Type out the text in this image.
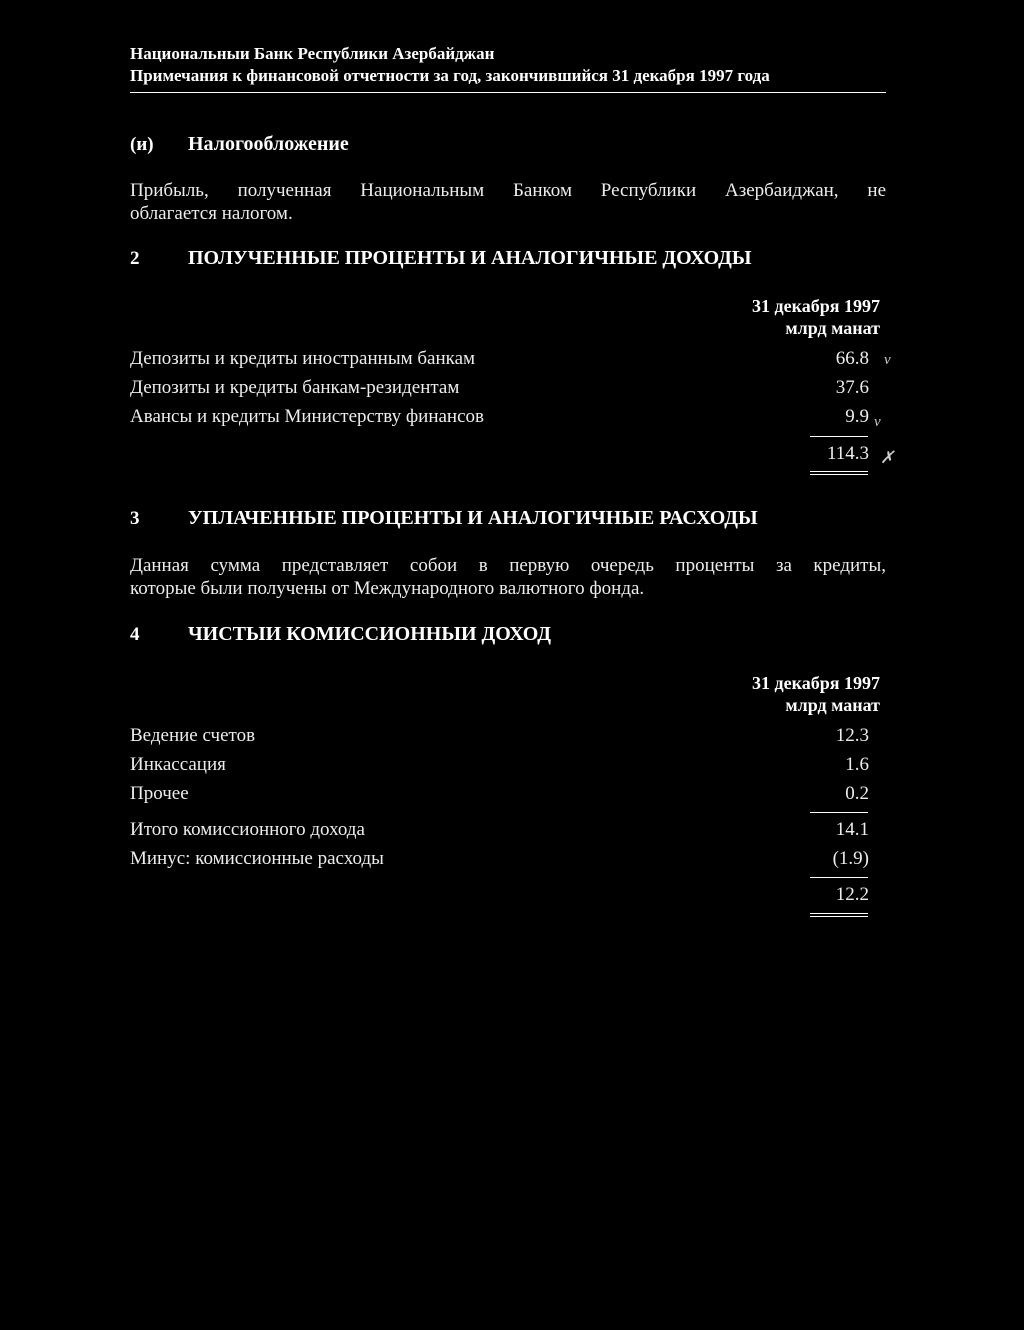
Национальныи Банк Республики Азербайджан
Примечания к финансовой отчетности за год, закончившийся 31 декабря 1997 года
(и) Налогообложение
Прибыль, полученная Национальным Банком Республики Азербаиджан, не
облагается налогом.
2 ПОЛУЧЕННЫЕ ПРОЦЕНТЫ И АНАЛОГИЧНЫЕ ДОХОДЫ
31 декабря 1997
млрд манат
Депозиты и кредиты иностранным банкам	66.8 v
Депозиты и кредиты банкам-резидентам	37.6
Авансы и кредиты Министерству финансов	9.9 v
114.3 ✗
3 УПЛАЧЕННЫЕ ПРОЦЕНТЫ И АНАЛОГИЧНЫЕ РАСХОДЫ
Данная сумма представляет собои в первую очередь проценты за кредиты,
которые были получены от Международного валютного фонда.
4 ЧИСТЫИ КОМИССИОННЫИ ДОХОД
31 декабря 1997
млрд манат
Ведение счетов	12.3
Инкассация	1.6
Прочее	0.2
Итого комиссионного дохода	14.1
Минус: комиссионные расходы	(1.9)
12.2
